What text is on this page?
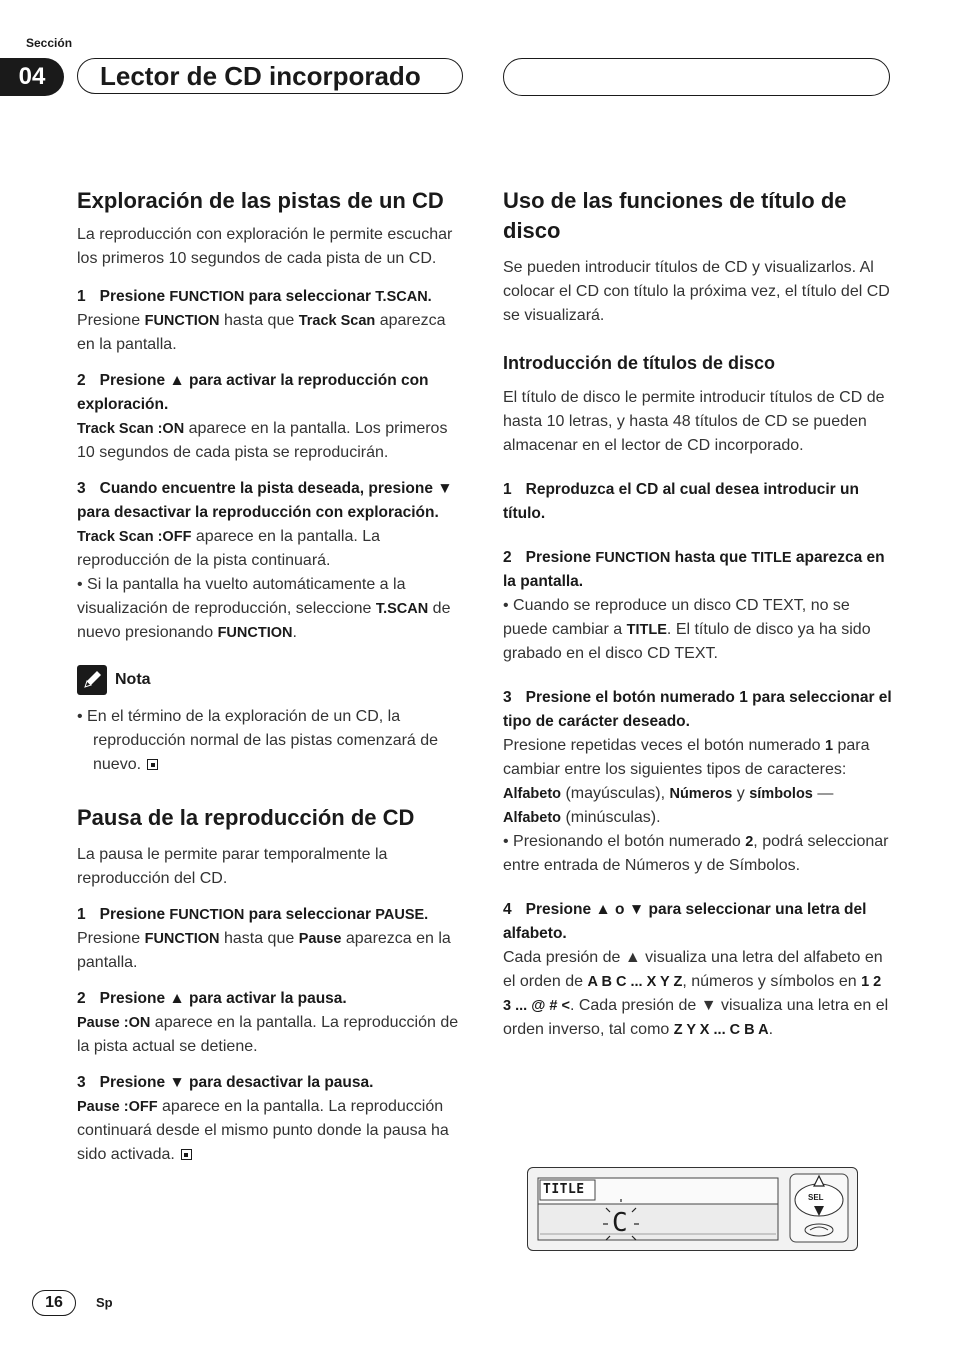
Sección
04	Lector de CD incorporado
Exploración de las pistas de un CD

La reproducción con exploración le permite escuchar los primeros 10 segundos de cada pista de un CD.

1 Presione FUNCTION para seleccionar T.SCAN.

Presione FUNCTION hasta que Track Scan aparezca en la pantalla.

2 Presione ▲ para activar la reproducción con exploración.

Track Scan :ON aparece en la pantalla. Los primeros 10 segundos de cada pista se reproducirán.

3 Cuando encuentre la pista deseada, presione ▼ para desactivar la reproducción con exploración.

Track Scan :OFF aparece en la pantalla. La reproducción de la pista continuará.

• Si la pantalla ha vuelto automáticamente a la visualización de reproducción, seleccione T.SCAN de nuevo presionando FUNCTION.

Nota

• En el término de la exploración de un CD, la reproducción normal de las pistas comenzará de nuevo.

Pausa de la reproducción de CD

La pausa le permite parar temporalmente la reproducción del CD.

1 Presione FUNCTION para seleccionar PAUSE.

Presione FUNCTION hasta que Pause aparezca en la pantalla.

2 Presione ▲ para activar la pausa.

Pause :ON aparece en la pantalla. La reproducción de la pista actual se detiene.

3 Presione ▼ para desactivar la pausa.

Pause :OFF aparece en la pantalla. La reproducción continuará desde el mismo punto donde la pausa ha sido activada.

Uso de las funciones de título de disco

Se pueden introducir títulos de CD y visualizarlos. Al colocar el CD con título la próxima vez, el título del CD se visualizará.

Introducción de títulos de disco

El título de disco le permite introducir títulos de CD de hasta 10 letras, y hasta 48 títulos de CD se pueden almacenar en el lector de CD incorporado.

1 Reproduzca el CD al cual desea introducir un título.

2 Presione FUNCTION hasta que TITLE aparezca en la pantalla.

• Cuando se reproduce un disco CD TEXT, no se puede cambiar a TITLE. El título de disco ya ha sido grabado en el disco CD TEXT.

3 Presione el botón numerado 1 para seleccionar el tipo de carácter deseado.

Presione repetidas veces el botón numerado 1 para cambiar entre los siguientes tipos de caracteres:

Alfabeto (mayúsculas), Números y símbolos —
Alfabeto (minúsculas).

• Presionando el botón numerado 2, podrá seleccionar entre entrada de Números y de Símbolos.

4 Presione ▲ o ▼ para seleccionar una letra del alfabeto.

Cada presión de ▲ visualiza una letra del alfabeto en el orden de A B C ... X Y Z, números y símbolos en 1 2 3 ... @ # <. Cada presión de ▼ visualiza una letra en el orden inverso, tal como Z Y X ... C B A.

TITLE
C
SEL
16	Sp
